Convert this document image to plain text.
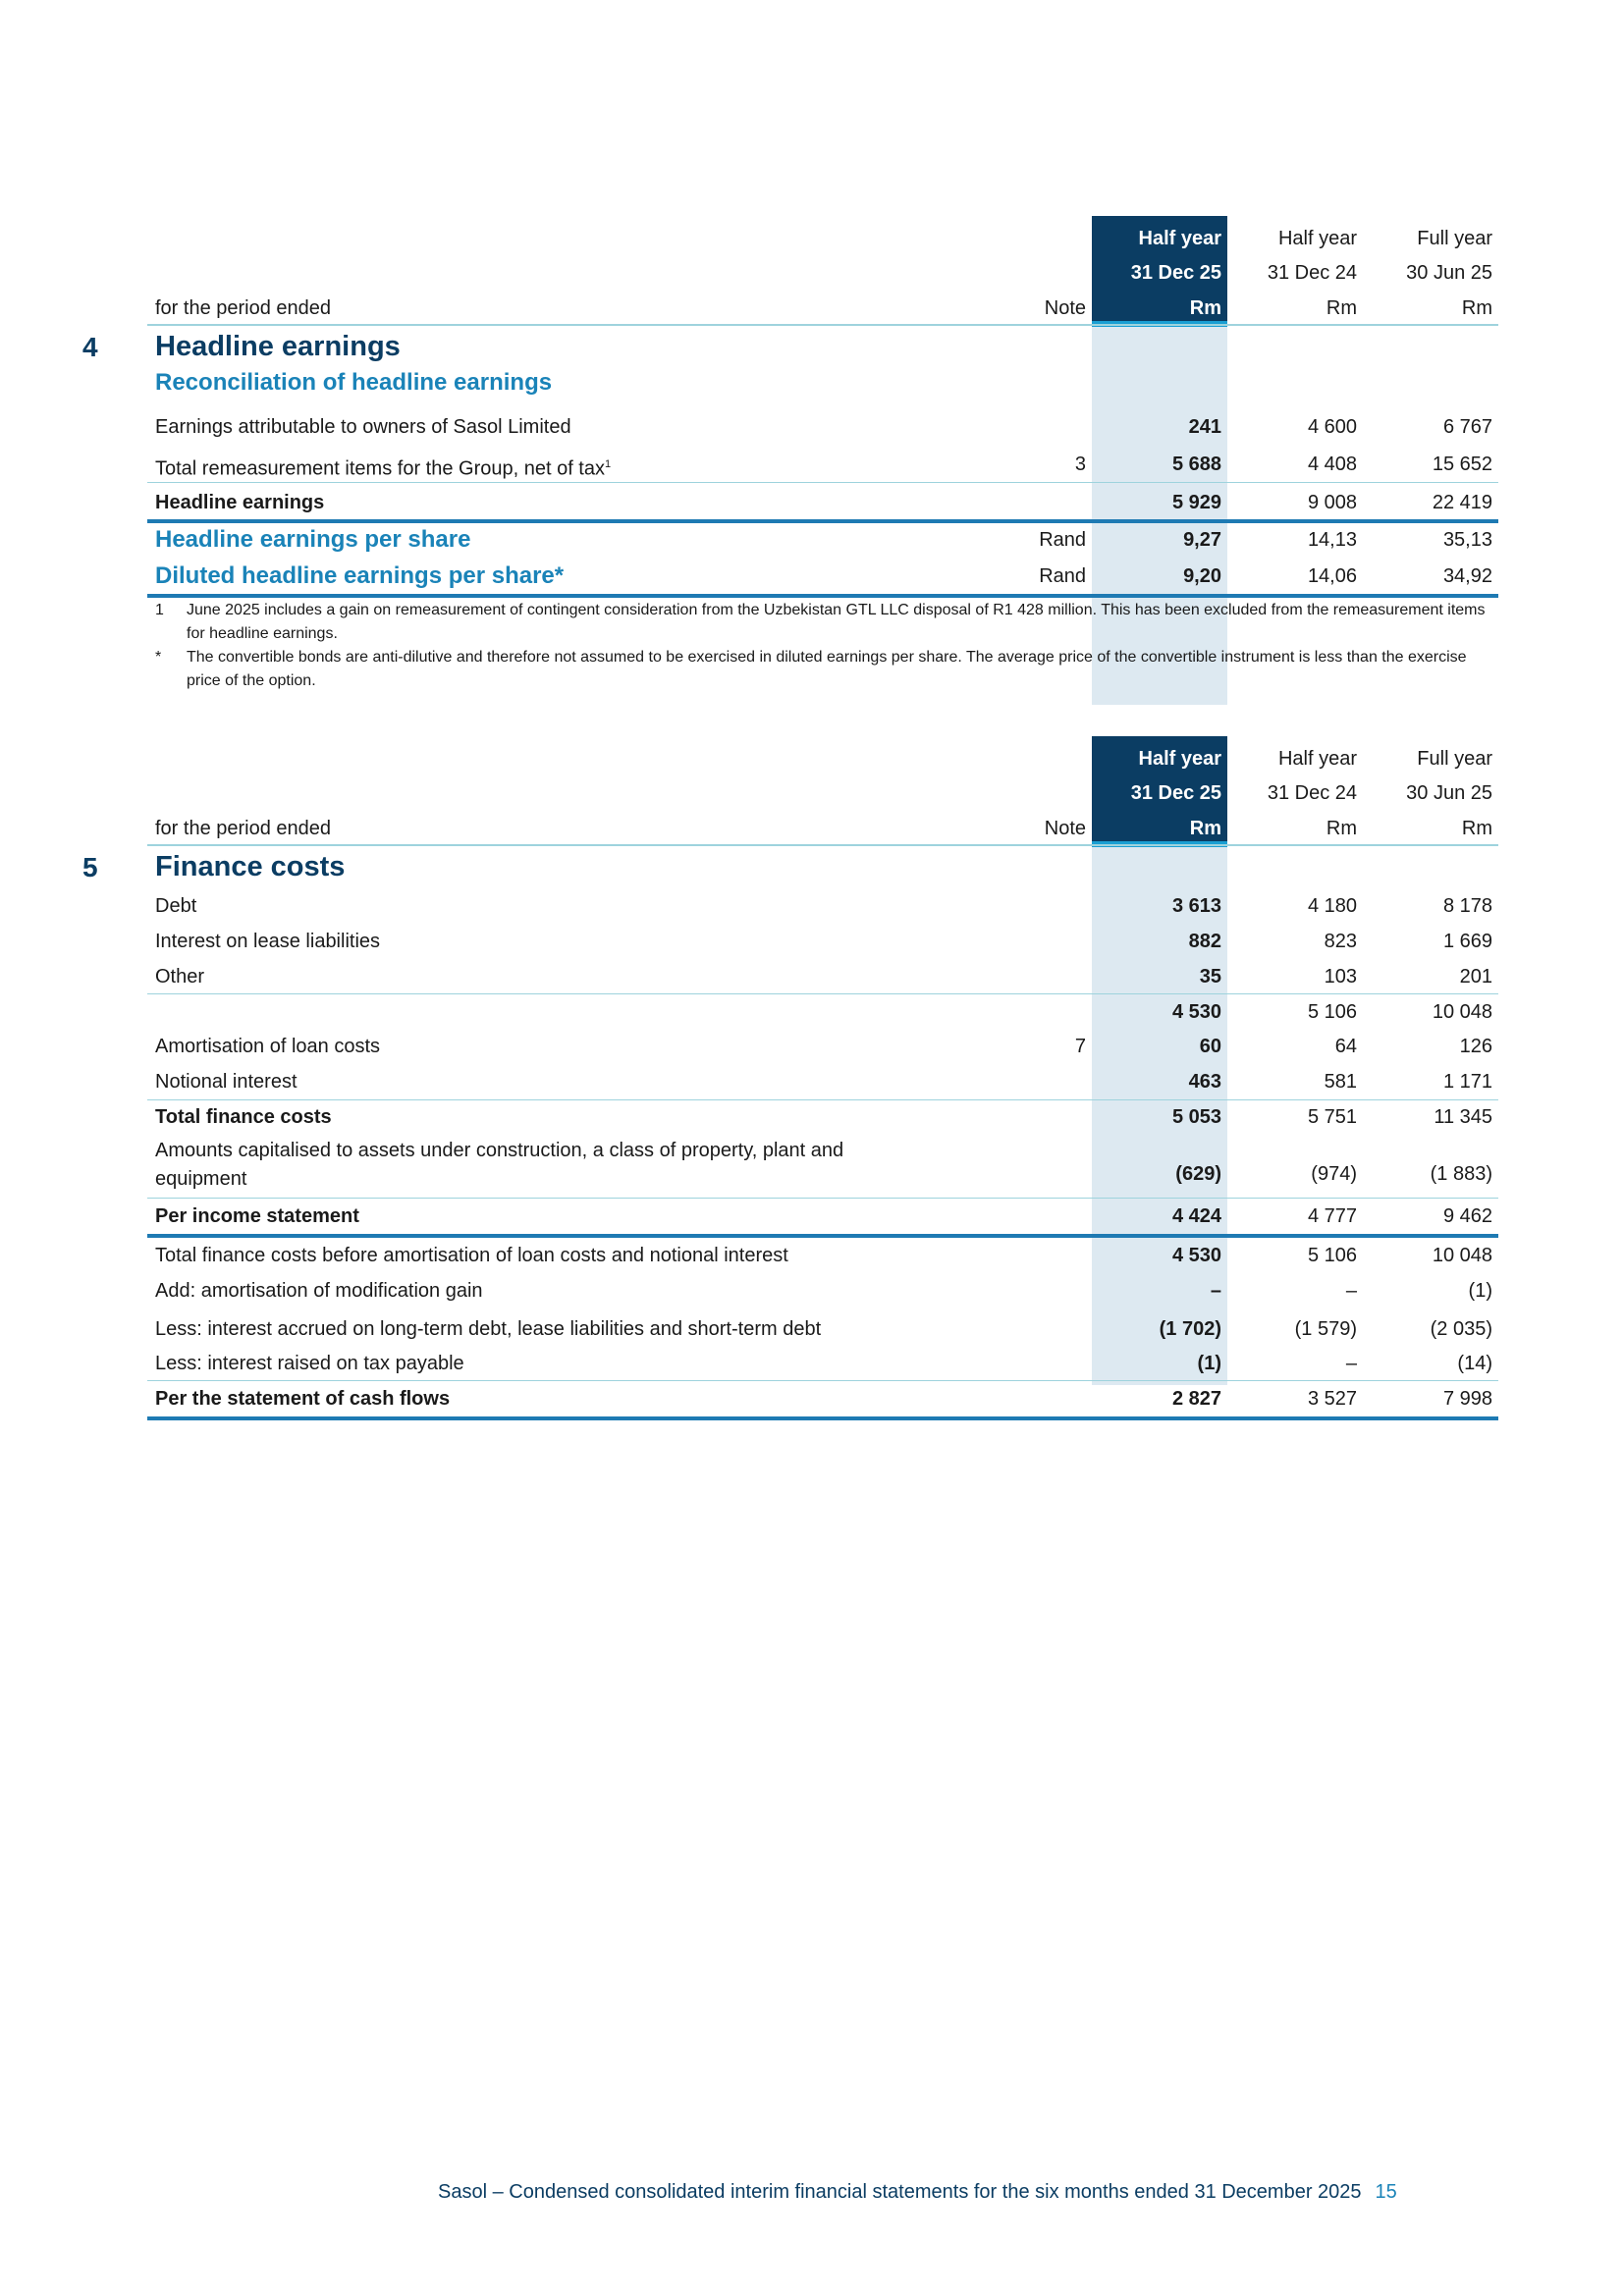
Half year	Half year	Full year
31 Dec 25	31 Dec 24	30 Jun 25
for the period ended	Note	Rm	Rm	Rm
4 Headline earnings
Reconciliation of headline earnings
Earnings attributable to owners of Sasol Limited	241	4 600	6 767
Total remeasurement items for the Group, net of tax$^1$	3	5 688	4 408	15 652
Headline earnings	5 929	9 008	22 419
Headline earnings per share	Rand	9,27	14,13	35,13
Diluted headline earnings per share*	Rand	9,20	14,06	34,92
1 June 2025 includes a gain on remeasurement of contingent consideration from the Uzbekistan GTL LLC disposal of R1 428 million. This has been excluded from the remeasurement items for headline earnings.
* The convertible bonds are anti-dilutive and therefore not assumed to be exercised in diluted earnings per share. The average price of the convertible instrument is less than the exercise price of the option.
Half year	Half year	Full year
31 Dec 25	31 Dec 24	30 Jun 25
for the period ended	Note	Rm	Rm	Rm
5 Finance costs
Debt	3 613	4 180	8 178
Interest on lease liabilities	882	823	1 669
Other	35	103	201
4 530	5 106	10 048
Amortisation of loan costs	7	60	64	126
Notional interest	463	581	1 171
Total finance costs	5 053	5 751	11 345
Amounts capitalised to assets under construction, a class of property, plant and equipment	(629)	(974)	(1 883)
Per income statement	4 424	4 777	9 462
Total finance costs before amortisation of loan costs and notional interest	4 530	5 106	10 048
Add: amortisation of modification gain	–	–	(1)
Less: interest accrued on long-term debt, lease liabilities and short-term debt	(1 702)	(1 579)	(2 035)
Less: interest raised on tax payable	(1)	–	(14)
Per the statement of cash flows	2 827	3 527	7 998
Sasol – Condensed consolidated interim financial statements for the six months ended 31 December 2025 15
